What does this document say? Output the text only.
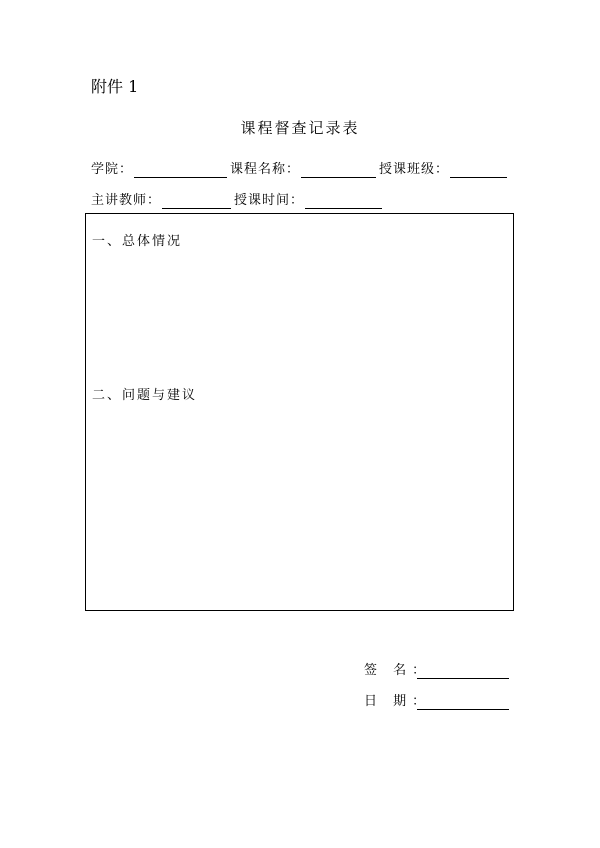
附件 1
课程督查记录表
学院：	课程名称：	授课班级：
主讲教师：	授课时间：
一、总体情况
二、问题与建议
签 名：
日 期：
